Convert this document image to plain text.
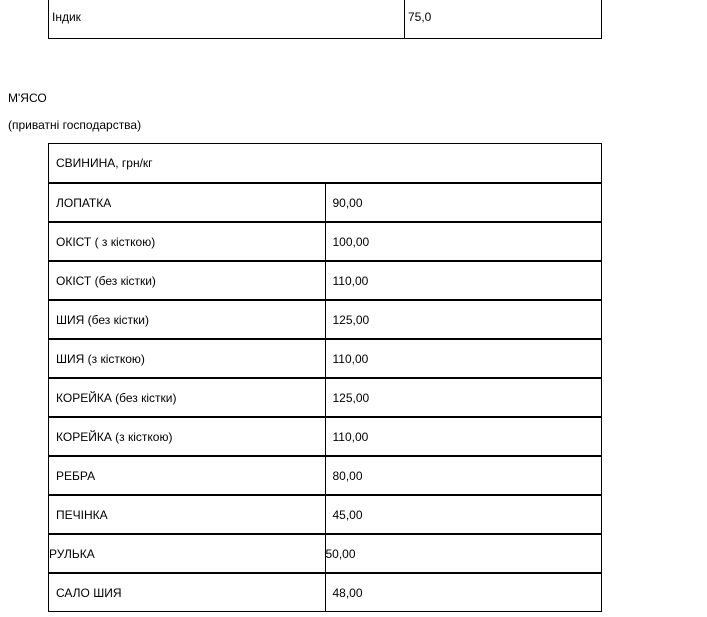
Індик	75,0
М'ЯСО
(приватні господарства)
СВИНИНА, грн/кг	
ЛОПАТКА	90,00
ОКІСТ ( з кісткою)	100,00
ОКІСТ (без кістки)	110,00
ШИЯ (без кістки)	125,00
ШИЯ (з кісткою)	110,00
КОРЕЙКА (без кістки)	125,00
КОРЕЙКА (з кісткою)	110,00
РЕБРА	80,00
ПЕЧІНКА	45,00
РУЛЬКА	50,00
САЛО ШИЯ	48,00
